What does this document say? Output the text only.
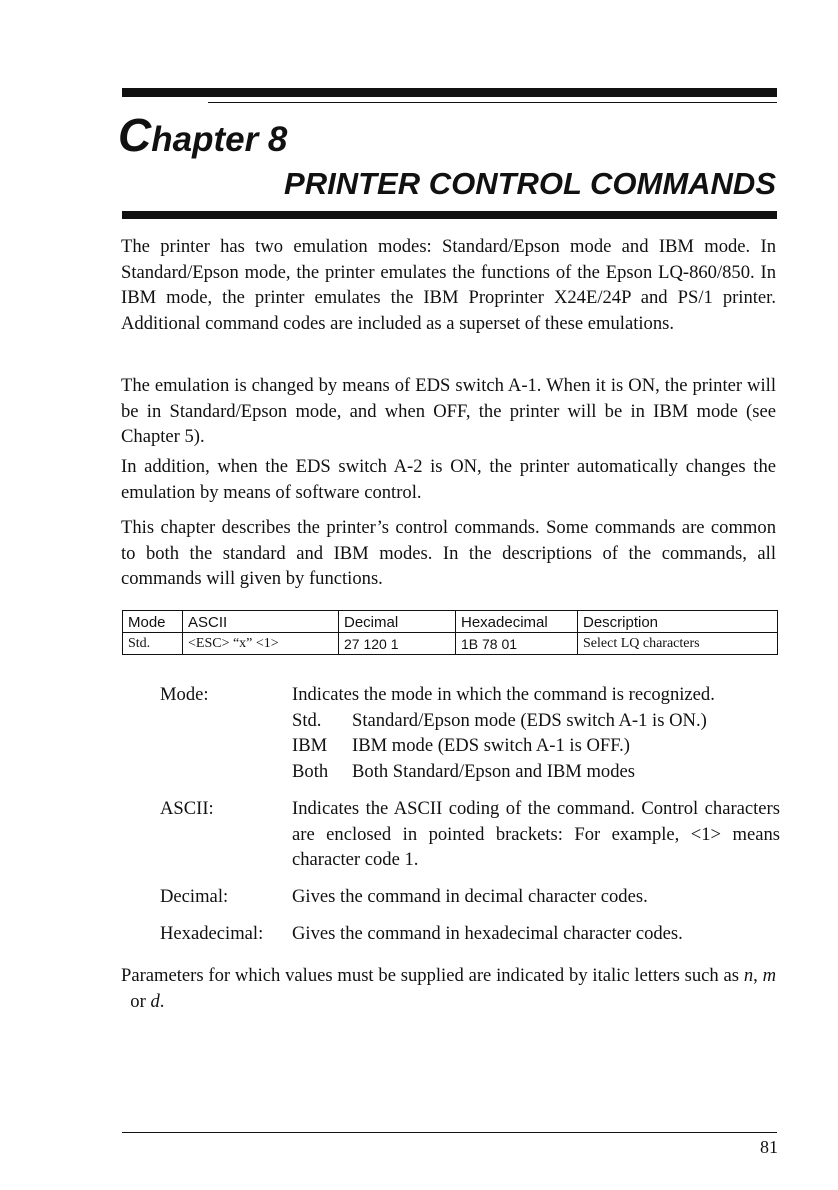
Chapter 8
PRINTER CONTROL COMMANDS
The printer has two emulation modes: Standard/Epson mode and IBM mode. In Standard/Epson mode, the printer emulates the functions of the Epson LQ-860/850. In IBM mode, the printer emulates the IBM Proprinter X24E/24P and PS/1 printer. Additional command codes are included as a superset of these emulations.
The emulation is changed by means of EDS switch A-1. When it is ON, the printer will be in Standard/Epson mode, and when OFF, the printer will be in IBM mode (see Chapter 5).
In addition, when the EDS switch A-2 is ON, the printer automatically changes the emulation by means of software control.
This chapter describes the printer’s control commands. Some commands are common to both the standard and IBM modes. In the descriptions of the commands, all commands will given by functions.
Mode	ASCII	Decimal	Hexadecimal	Description
Std.	<ESC> “x” <1>	27 120 1	1B 78 01	Select LQ characters
Mode:	Indicates the mode in which the command is recognized.
Std. Standard/Epson mode (EDS switch A-1 is ON.)
IBM IBM mode (EDS switch A-1 is OFF.)
Both Both Standard/Epson and IBM modes
ASCII:	Indicates the ASCII coding of the command. Control characters are enclosed in pointed brackets: For example, <1> means character code 1.
Decimal:	Gives the command in decimal character codes.
Hexadecimal: Gives the command in hexadecimal character codes.
Parameters for which values must be supplied are indicated by italic letters such as n, m  or d.
81
